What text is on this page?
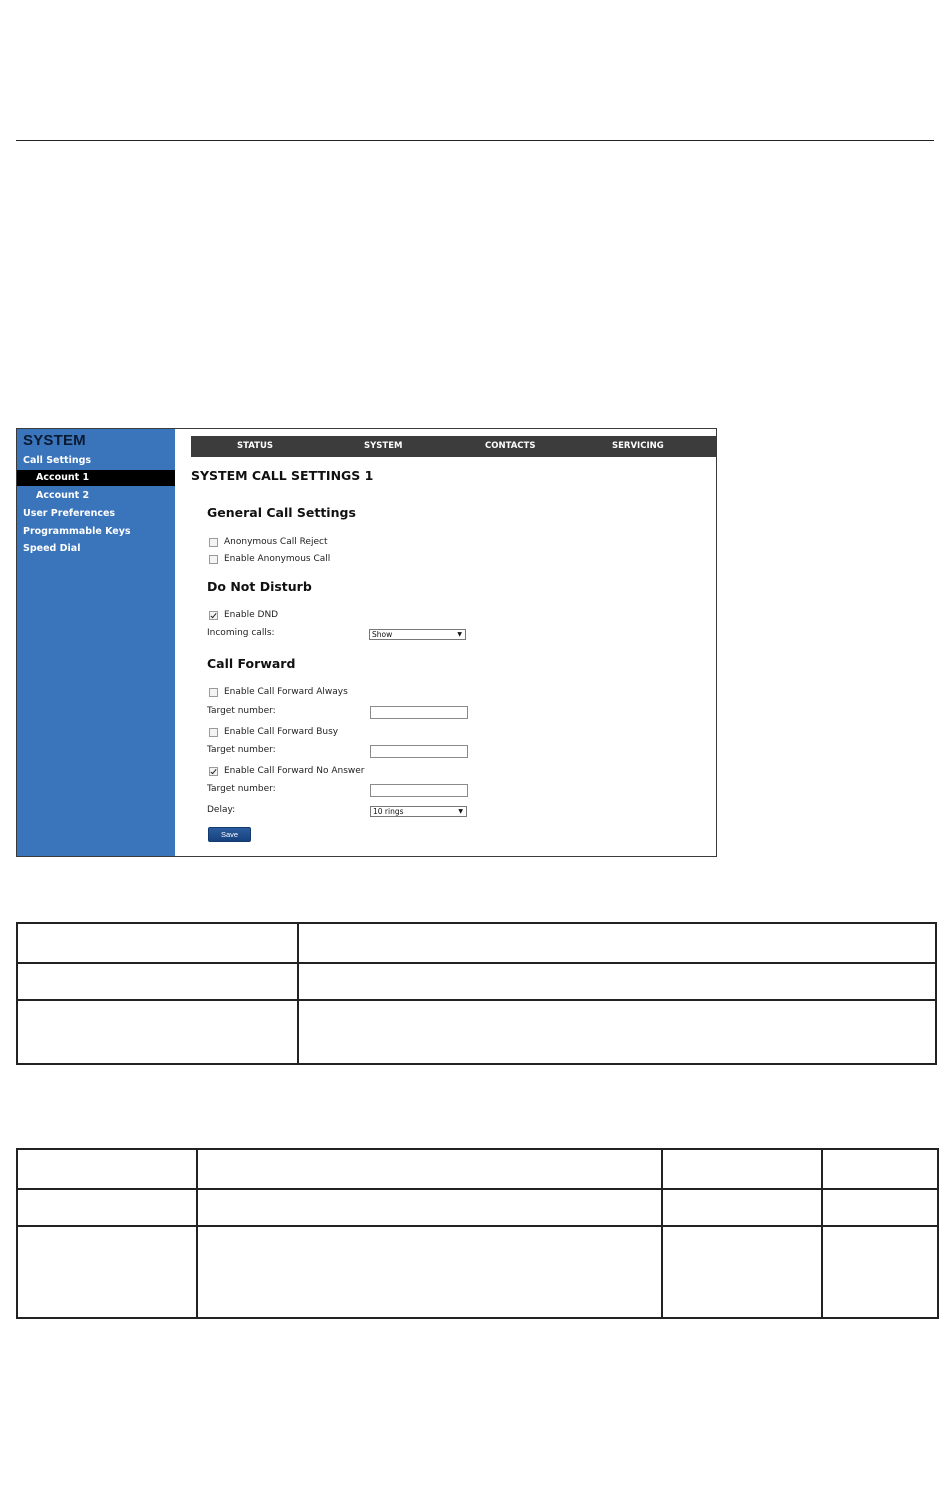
SYSTEM
Call Settings
Account 1
Account 2
User Preferences
Programmable Keys
Speed Dial
STATUS	SYSTEM	CONTACTS	SERVICING
SYSTEM CALL SETTINGS 1
General Call Settings
Anonymous Call Reject
Enable Anonymous Call
Do Not Disturb
Enable DND
Incoming calls:	Show	▼
Call Forward
Enable Call Forward Always
Target number:
Enable Call Forward Busy
Target number:
Enable Call Forward No Answer
Target number:
Delay:	10 rings	▼
Save
